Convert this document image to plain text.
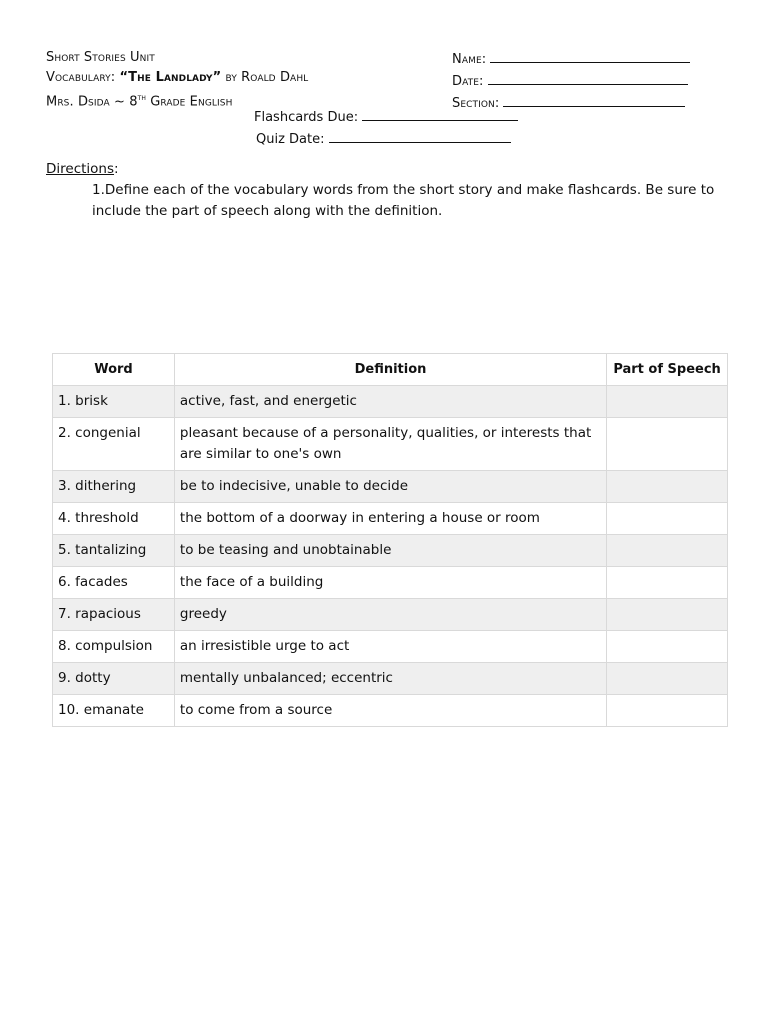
Short Stories Unit
Vocabulary: “The Landlady” by Roald Dahl
Mrs. Dsida ~ 8th Grade English
Name:
Date:
Section:
Flashcards Due:
Quiz Date:
Directions:
1.Define each of the vocabulary words from the short story and make flashcards. Be sure to include the part of speech along with the definition.
Word	Definition	Part of Speech
1. brisk	active, fast, and energetic	
2. congenial	pleasant because of a personality, qualities, or interests that are similar to one's own	
3. dithering	be to indecisive, unable to decide	
4. threshold	the bottom of a doorway in entering a house or room	
5. tantalizing	to be teasing and unobtainable	
6. facades	the face of a building	
7. rapacious	greedy	
8. compulsion	an irresistible urge to act	
9. dotty	mentally unbalanced; eccentric	
10. emanate	to come from a source	
